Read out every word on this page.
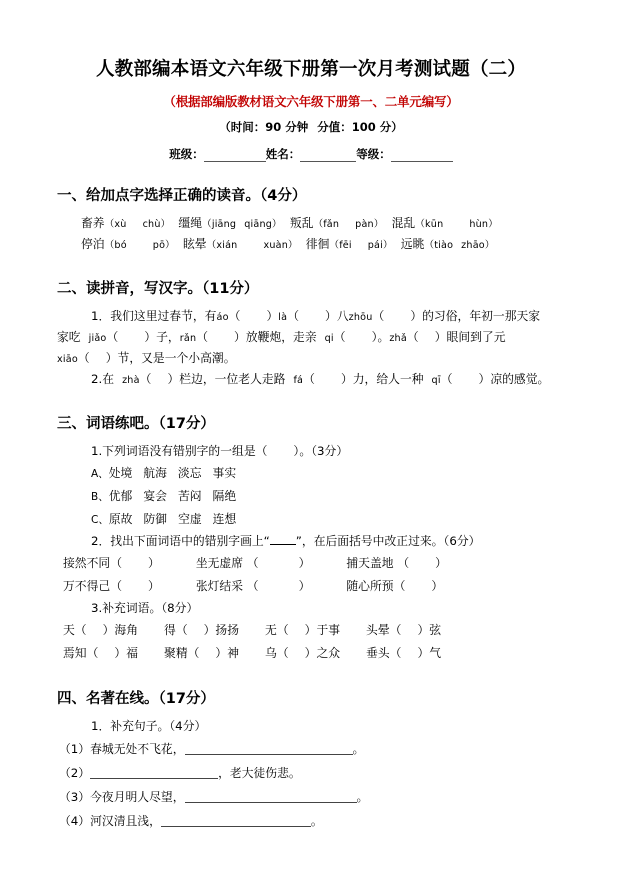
人教部编本语文六年级下册第一次月考测试题（二）
（根据部编版教材语文六年级下册第一、二单元编写）
（时间：90 分钟 分值：100 分）
班级：	姓名：	等级：
一、给加点字选择正确的读音。（4分）
畜养（xù chù） 缰绳（jiāng qiāng） 叛乱（fǎn pàn） 混乱（kūn	hùn）
停泊（bó	pō） 眩晕（xián	xuàn） 徘徊（fēi pái） 远眺（tiào zhāo）
二、读拼音，写汉字。（11分）
1．我们这里过春节，有áo（ ）là（ ）八zhōu（ ）的习俗，年初一那天家
家吃 jiǎo（ ）子，rǎn（ ）放鞭炮，走亲 qi（ ）。zhǎ（ ）眼间到了元
xiāo（ ）节，又是一个小高潮。
2.在 zhà（ ）栏边，一位老人走路 fá（ ）力，给人一种 qī（ ）凉的感觉。
三、词语练吧。（17分）
1.下列词语没有错别字的一组是（ ）。（3分）
A、处境 航海 淡忘 事实
B、优郁 宴会 苦闷 隔绝
C、原故 防御 空虚 连想
2．找出下面词语中的错别字画上“ ”，在后面括号中改正过来。（6分）
接然不同（ ）	坐无虚席 （	）	捕天盖地 （ ）
万不得己（ ）	张灯结采 （	）	随心所预（ ）
3.补充词语。（8分）
天（ ）海角 得（ ）扬扬 无（ ）于事 头晕（ ）弦
焉知（ ）福 聚精（ ）神 乌（ ）之众 垂头（ ）气
四、名著在线。（17分）
1．补充句子。（4分）
（1）春城无处不飞花，	。
（2）	，老大徒伤悲。
（3）今夜月明人尽望，	。
（4）河汉清且浅，	。
